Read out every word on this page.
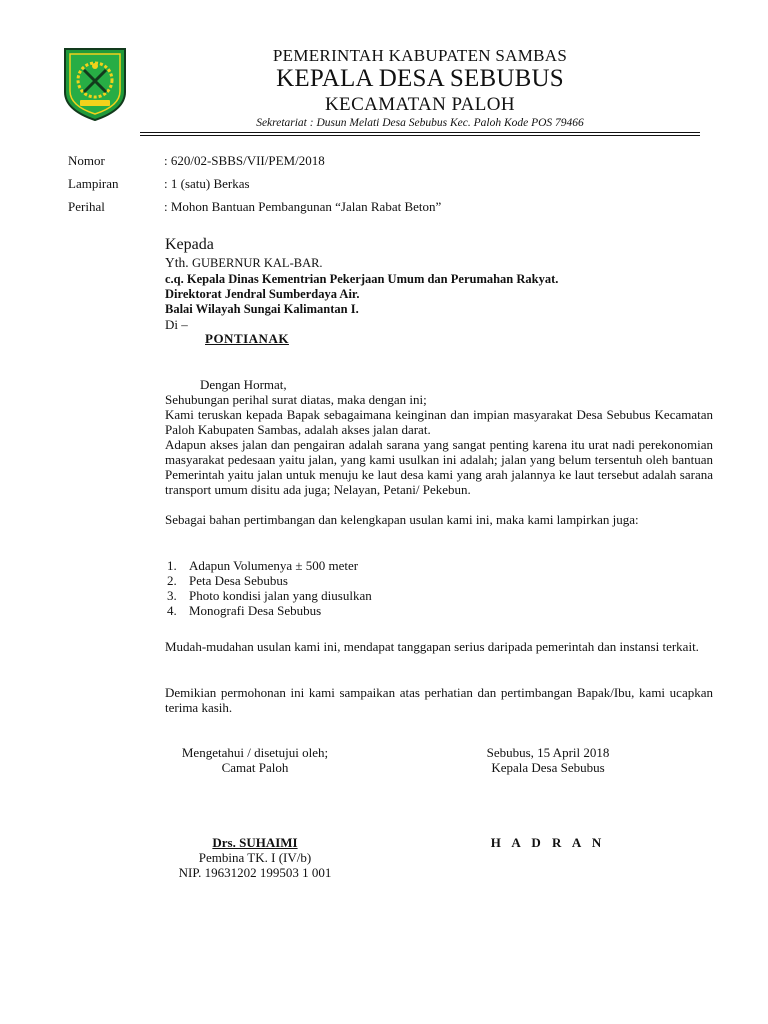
PEMERINTAH KABUPATEN SAMBAS
KEPALA DESA SEBUBUS
KECAMATAN PALOH
Sekretariat : Dusun Melati Desa Sebubus Kec. Paloh Kode POS 79466
Nomor	: 620/02-SBBS/VII/PEM/2018
Lampiran	: 1 (satu) Berkas
Perihal	: Mohon Bantuan Pembangunan “Jalan Rabat Beton”
Kepada
Yth. GUBERNUR KAL-BAR.
c.q. Kepala Dinas Kementrian Pekerjaan Umum dan Perumahan Rakyat.
Direktorat Jendral Sumberdaya Air.
Balai Wilayah Sungai Kalimantan I.
Di –
PONTIANAK
Dengan Hormat,
Sehubungan perihal surat diatas, maka dengan ini;
Kami teruskan kepada Bapak sebagaimana keinginan dan impian masyarakat Desa Sebubus Kecamatan Paloh Kabupaten Sambas, adalah akses jalan darat.
Adapun akses jalan dan pengairan adalah sarana yang sangat penting karena itu urat nadi perekonomian masyarakat pedesaan yaitu jalan, yang kami usulkan ini adalah; jalan yang belum tersentuh oleh bantuan Pemerintah yaitu jalan untuk menuju ke laut desa kami yang arah jalannya ke laut tersebut adalah sarana transport umum disitu ada juga; Nelayan, Petani/ Pekebun.
Sebagai bahan pertimbangan dan kelengkapan usulan kami ini, maka kami lampirkan juga:
1. Adapun Volumenya ± 500 meter
2. Peta Desa Sebubus
3. Photo kondisi jalan yang diusulkan
4. Monografi Desa Sebubus
Mudah-mudahan usulan kami ini, mendapat tanggapan serius daripada pemerintah dan instansi terkait.
Demikian permohonan ini kami sampaikan atas perhatian dan pertimbangan Bapak/Ibu, kami ucapkan terima kasih.
Mengetahui / disetujui oleh;
Camat Paloh
Sebubus, 15 April 2018
Kepala Desa Sebubus
Drs. SUHAIMI
Pembina TK. I (IV/b)
NIP. 19631202 199503 1 001
H A D R A N
